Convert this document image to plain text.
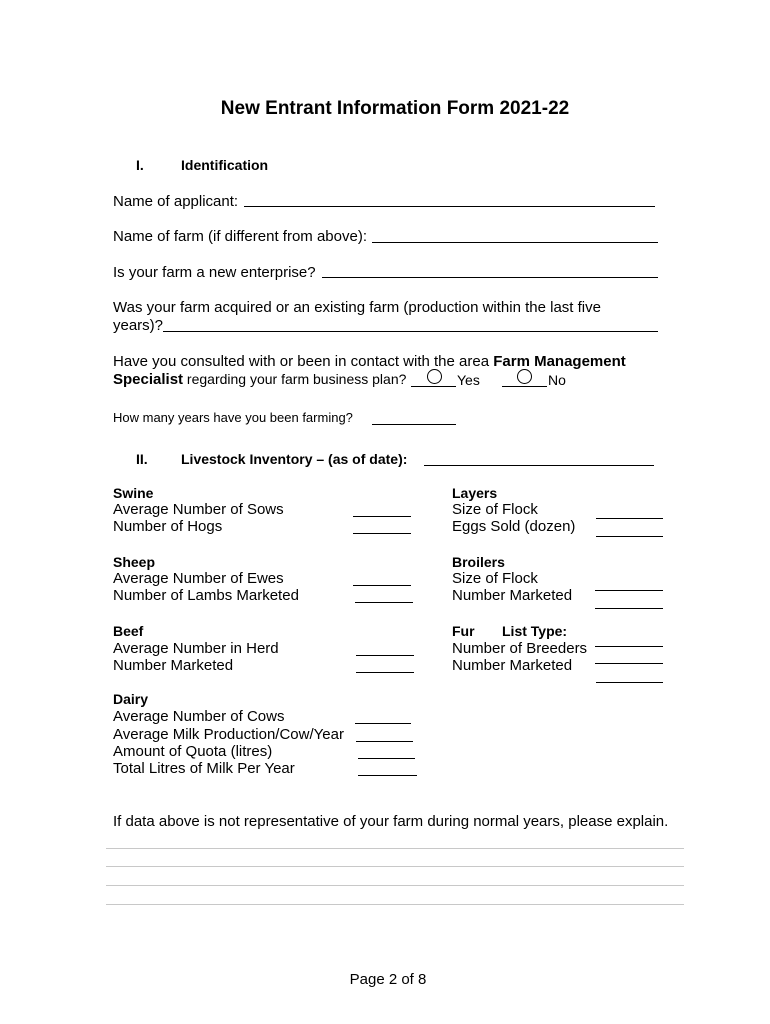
New Entrant Information Form 2021-22
I.	Identification
Name of applicant:
Name of farm (if different from above):
Is your farm a new enterprise?
Was your farm acquired or an existing farm (production within the last five
years)?
Have you consulted with or been in contact with the area Farm Management
Specialist regarding your farm business plan?	Yes	No
How many years have you been farming?
II. Livestock Inventory – (as of date):
Swine
Average Number of Sows
Number of Hogs
Sheep
Average Number of Ewes
Number of Lambs Marketed
Beef
Average Number in Herd
Number Marketed
Dairy
Average Number of Cows
Average Milk Production/Cow/Year
Amount of Quota (litres)
Total Litres of Milk Per Year
Layers
Size of Flock
Eggs Sold (dozen)
Broilers
Size of Flock
Number Marketed
Fur List Type:
Number of Breeders
Number Marketed
If data above is not representative of your farm during normal years, please explain.
Page 2 of 8
